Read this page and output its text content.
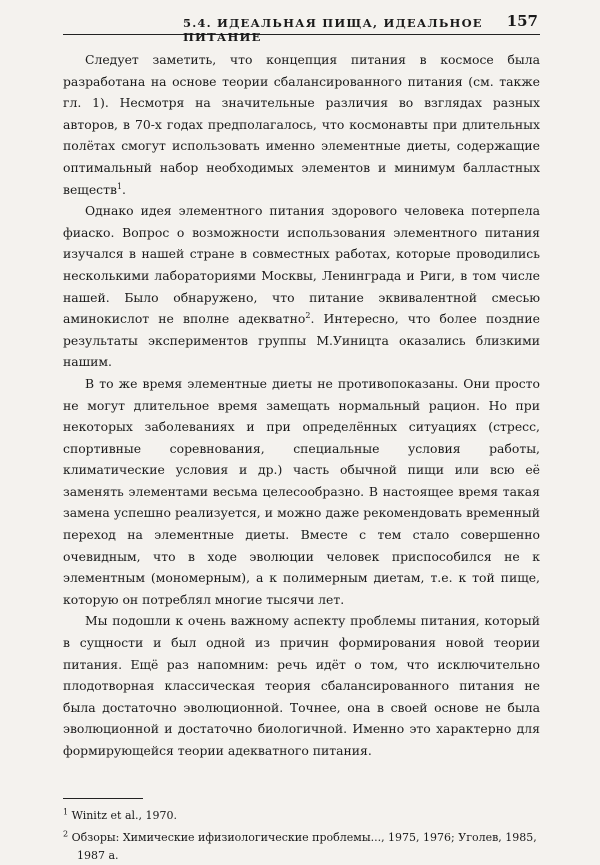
5.4. ИДЕАЛЬНАЯ ПИЩА, ИДЕАЛЬНОЕ ПИТАНИЕ
157

Следует заметить, что концепция питания в космосе была разработана на основе теории сбалансированного питания (см. также гл. 1). Несмотря на значительные различия во взглядах разных авторов, в 70-х годах предполагалось, что космонавты при длительных полётах смогут использовать именно элементные диеты, содержащие оптимальный набор необходимых элементов и минимум балластных веществ$^1$.

Однако идея элементного питания здорового человека потерпела фиаско. Вопрос о возможности использования элементного питания изучался в нашей стране в совместных работах, которые проводились несколькими лабораториями Москвы, Ленинграда и Риги, в том числе нашей. Было обнаружено, что питание эквивалентной смесью аминокислот не вполне адекватно$^2$. Интересно, что более поздние результаты экспериментов группы М.Уиницта оказались близкими нашим.

В то же время элементные диеты не противопоказаны. Они просто не могут длительное время замещать нормальный рацион. Но при некоторых заболеваниях и при определённых ситуациях (стресс, спортивные соревнования, специальные условия работы, климатические условия и др.) часть обычной пищи или всю её заменять элементами весьма целесообразно. В настоящее время такая замена успешно реализуется, и можно даже рекомендовать временный переход на элементные диеты. Вместе с тем стало совершенно очевидным, что в ходе эволюции человек приспособился не к элементным (мономерным), а к полимерным диетам, т.е. к той пище, которую он потреблял многие тысячи лет.

Мы подошли к очень важному аспекту проблемы питания, который в сущности и был одной из причин формирования новой теории питания. Ещё раз напомним: речь идёт о том, что исключительно плодотворная классическая теория сбалансированного питания не была достаточно эволюционной. Точнее, она в своей основе не была эволюционной и достаточно биологичной. Именно это характерно для формирующейся теории адекватного питания.

$^1$ Winitz et al., 1970.

$^2$ Обзоры: Химические ифизиологические проблемы..., 1975, 1976; Уголев, 1985, 1987 а.
